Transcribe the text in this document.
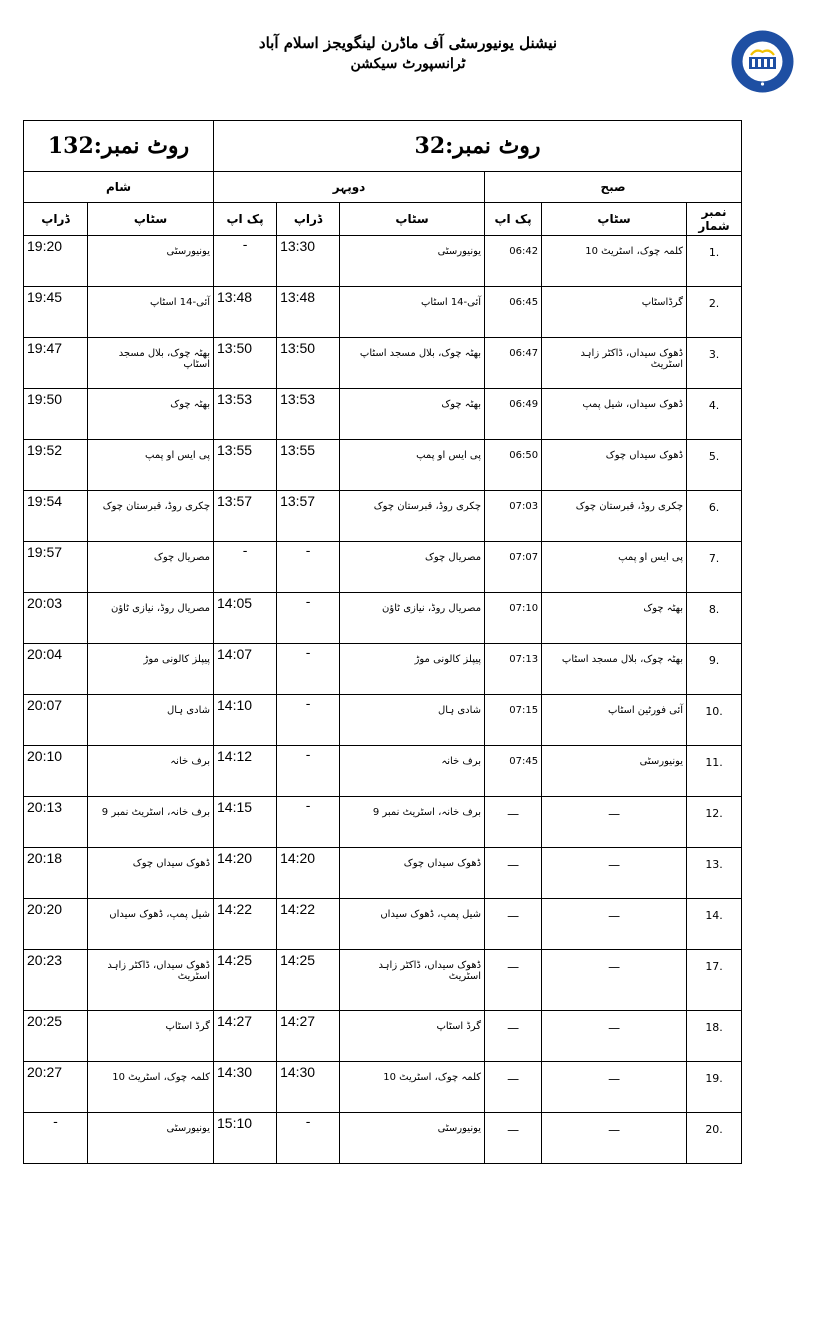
نیشنل یونیورسٹی آف ماڈرن لینگویجز اسلام آباد
ٹرانسپورٹ سیکشن
روٹ نمبر:32						روٹ نمبر:132	
صبح			دوپہر			شام	
نمبر شمار	سٹاپ	پک اپ	سٹاپ	ڈراپ	پک اپ	سٹاپ	ڈراپ
1.	کلمہ چوک، اسٹریٹ 10	06:42	یونیورسٹی	13:30	-	یونیورسٹی	19:20
2.	گرڈاسٹاپ	06:45	آئی-14 اسٹاپ	13:48	13:48	آئی-14 اسٹاپ	19:45
3.	ڈھوک سیداں، ڈاکٹر زاہد اسٹریٹ	06:47	بھٹہ چوک، بلال مسجد اسٹاپ	13:50	13:50	بھٹہ چوک، بلال مسجد اسٹاپ	19:47
4.	ڈھوک سیداں، شیل پمپ	06:49	بھٹہ چوک	13:53	13:53	بھٹہ چوک	19:50
5.	ڈھوک سیداں چوک	06:50	پی ایس او پمپ	13:55	13:55	پی ایس او پمپ	19:52
6.	چکری روڈ، قبرستان چوک	07:03	چکری روڈ، قبرستان چوک	13:57	13:57	چکری روڈ، قبرستان چوک	19:54
7.	پی ایس او پمپ	07:07	مصریال چوک	-	-	مصریال چوک	19:57
8.	بھٹہ چوک	07:10	مصریال روڈ، نیازی ٹاؤن	-	14:05	مصریال روڈ، نیازی ٹاؤن	20:03
9.	بھٹہ چوک، بلال مسجد اسٹاپ	07:13	پیپلز کالونی موڑ	-	14:07	پیپلز کالونی موڑ	20:04
10.	آئی فورٹین اسٹاپ	07:15	شادی ہال	-	14:10	شادی ہال	20:07
11.	یونیورسٹی	07:45	برف خانہ	-	14:12	برف خانہ	20:10
12.	—	—	برف خانہ، اسٹریٹ نمبر 9	-	14:15	برف خانہ، اسٹریٹ نمبر 9	20:13
13.	—	—	ڈھوک سیداں چوک	14:20	14:20	ڈھوک سیداں چوک	20:18
14.	—	—	شیل پمپ، ڈھوک سیداں	14:22	14:22	شیل پمپ، ڈھوک سیداں	20:20
17.	—	—	ڈھوک سیداں، ڈاکٹر زاہد اسٹریٹ	14:25	14:25	ڈھوک سیداں، ڈاکٹر زاہد اسٹریٹ	20:23
18.	—	—	گرڈ اسٹاپ	14:27	14:27	گرڈ اسٹاپ	20:25
19.	—	—	کلمہ چوک، اسٹریٹ 10	14:30	14:30	کلمہ چوک، اسٹریٹ 10	20:27
20.	—	—	یونیورسٹی	-	15:10	یونیورسٹی	-
